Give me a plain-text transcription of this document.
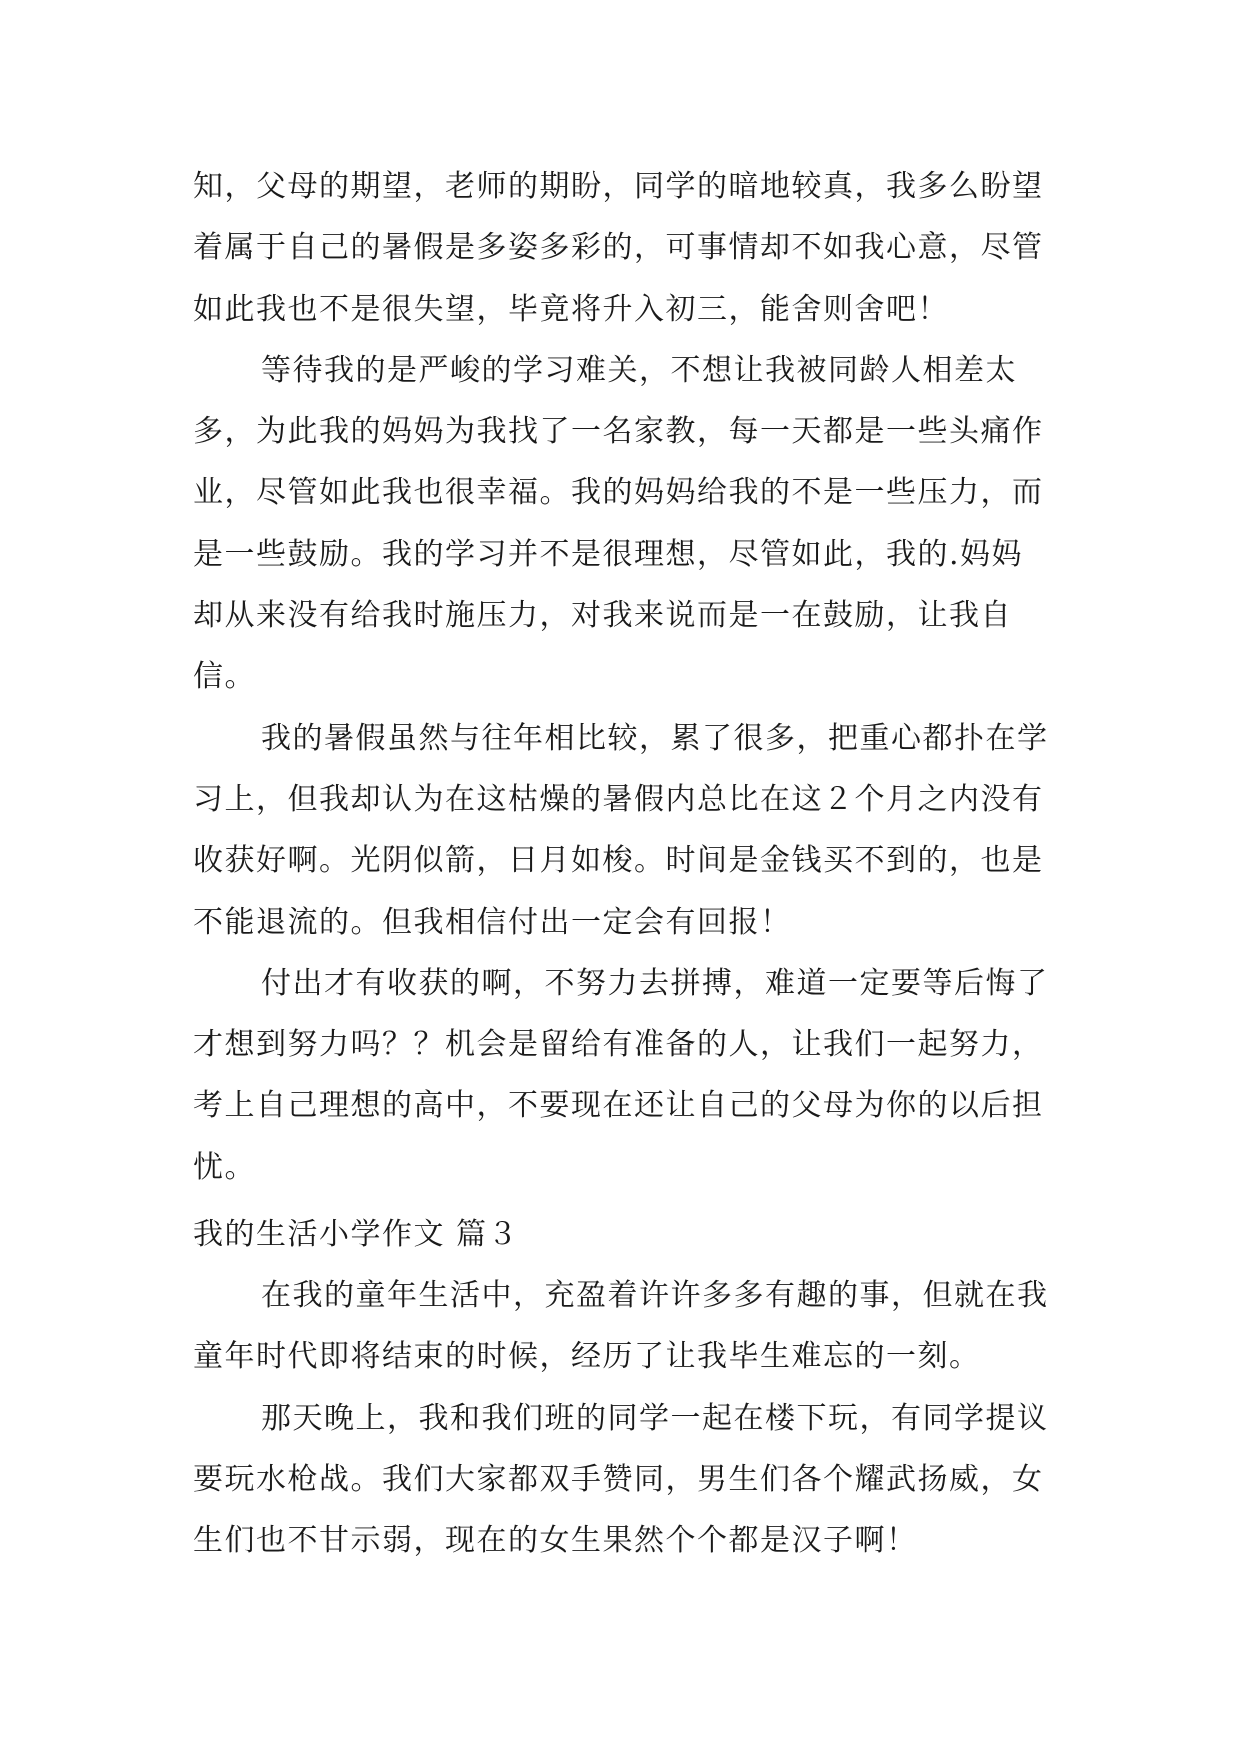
知，父母的期望，老师的期盼，同学的暗地较真，我多么盼望着属于自己的暑假是多姿多彩的，可事情却不如我心意，尽管如此我也不是很失望，毕竟将升入初三，能舍则舍吧！

等待我的是严峻的学习难关，不想让我被同龄人相差太多，为此我的妈妈为我找了一名家教，每一天都是一些头痛作业，尽管如此我也很幸福。我的妈妈给我的不是一些压力，而是一些鼓励。我的学习并不是很理想，尽管如此，我的.妈妈却从来没有给我时施压力，对我来说而是一在鼓励，让我自信。

我的暑假虽然与往年相比较，累了很多，把重心都扑在学习上，但我却认为在这枯燥的暑假内总比在这２个月之内没有收获好啊。光阴似箭，日月如梭。时间是金钱买不到的，也是不能退流的。但我相信付出一定会有回报！

付出才有收获的啊，不努力去拼搏，难道一定要等后悔了才想到努力吗？？机会是留给有准备的人，让我们一起努力，考上自己理想的高中，不要现在还让自己的父母为你的以后担忧。

我的生活小学作文 篇３

在我的童年生活中，充盈着许许多多有趣的事，但就在我童年时代即将结束的时候，经历了让我毕生难忘的一刻。

那天晚上，我和我们班的同学一起在楼下玩，有同学提议要玩水枪战。我们大家都双手赞同，男生们各个耀武扬威，女生们也不甘示弱，现在的女生果然个个都是汉子啊！
